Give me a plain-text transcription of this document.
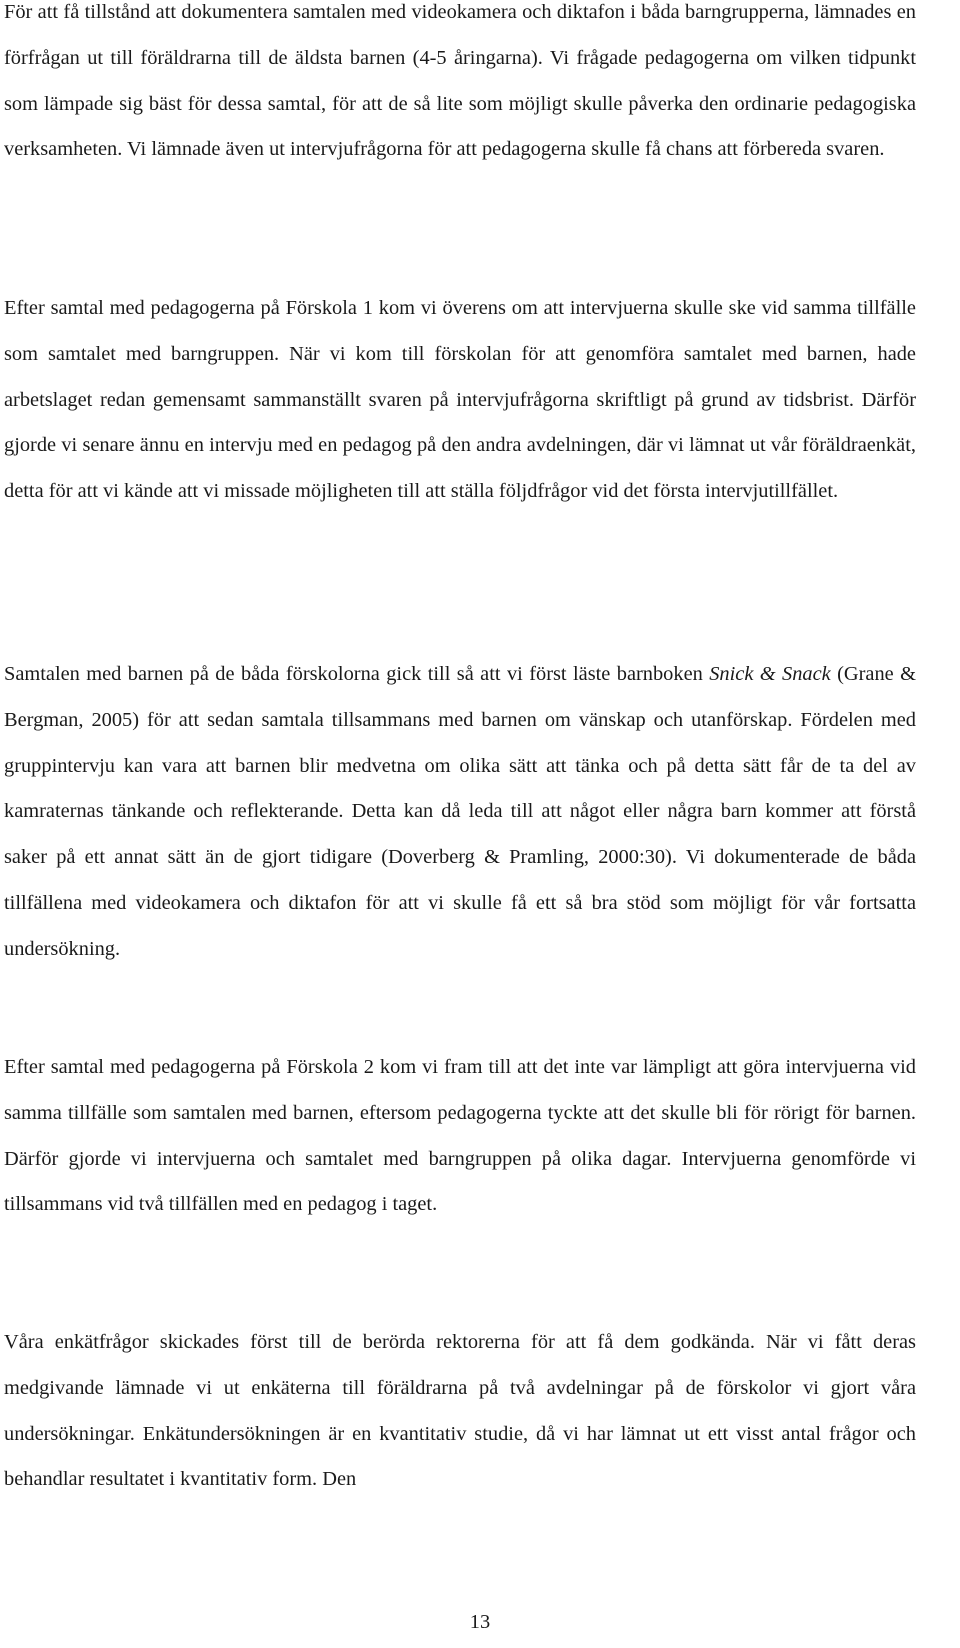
För att få tillstånd att dokumentera samtalen med videokamera och diktafon i båda barngrupperna, lämnades en förfrågan ut till föräldrarna till de äldsta barnen (4-5 åringarna). Vi frågade pedagogerna om vilken tidpunkt som lämpade sig bäst för dessa samtal, för att de så lite som möjligt skulle påverka den ordinarie pedagogiska verksamheten. Vi lämnade även ut intervjufrågorna för att pedagogerna skulle få chans att förbereda svaren.

Efter samtal med pedagogerna på Förskola 1 kom vi överens om att intervjuerna skulle ske vid samma tillfälle som samtalet med barngruppen. När vi kom till förskolan för att genomföra samtalet med barnen, hade arbetslaget redan gemensamt sammanställt svaren på intervjufrågorna skriftligt på grund av tidsbrist. Därför gjorde vi senare ännu en intervju med en pedagog på den andra avdelningen, där vi lämnat ut vår föräldraenkät, detta för att vi kände att vi missade möjligheten till att ställa följdfrågor vid det första intervjutillfället.

Samtalen med barnen på de båda förskolorna gick till så att vi först läste barnboken Snick & Snack (Grane & Bergman, 2005) för att sedan samtala tillsammans med barnen om vänskap och utanförskap. Fördelen med gruppintervju kan vara att barnen blir medvetna om olika sätt att tänka och på detta sätt får de ta del av kamraternas tänkande och reflekterande. Detta kan då leda till att något eller några barn kommer att förstå saker på ett annat sätt än de gjort tidigare (Doverberg & Pramling, 2000:30). Vi dokumenterade de båda tillfällena med videokamera och diktafon för att vi skulle få ett så bra stöd som möjligt för vår fortsatta undersökning.

Efter samtal med pedagogerna på Förskola 2 kom vi fram till att det inte var lämpligt att göra intervjuerna vid samma tillfälle som samtalen med barnen, eftersom pedagogerna tyckte att det skulle bli för rörigt för barnen. Därför gjorde vi intervjuerna och samtalet med barngruppen på olika dagar. Intervjuerna genomförde vi tillsammans vid två tillfällen med en pedagog i taget.

Våra enkätfrågor skickades först till de berörda rektorerna för att få dem godkända. När vi fått deras medgivande lämnade vi ut enkäterna till föräldrarna på två avdelningar på de förskolor vi gjort våra undersökningar. Enkätundersökningen är en kvantitativ studie, då vi har lämnat ut ett visst antal frågor och behandlar resultatet i kvantitativ form. Den

13
